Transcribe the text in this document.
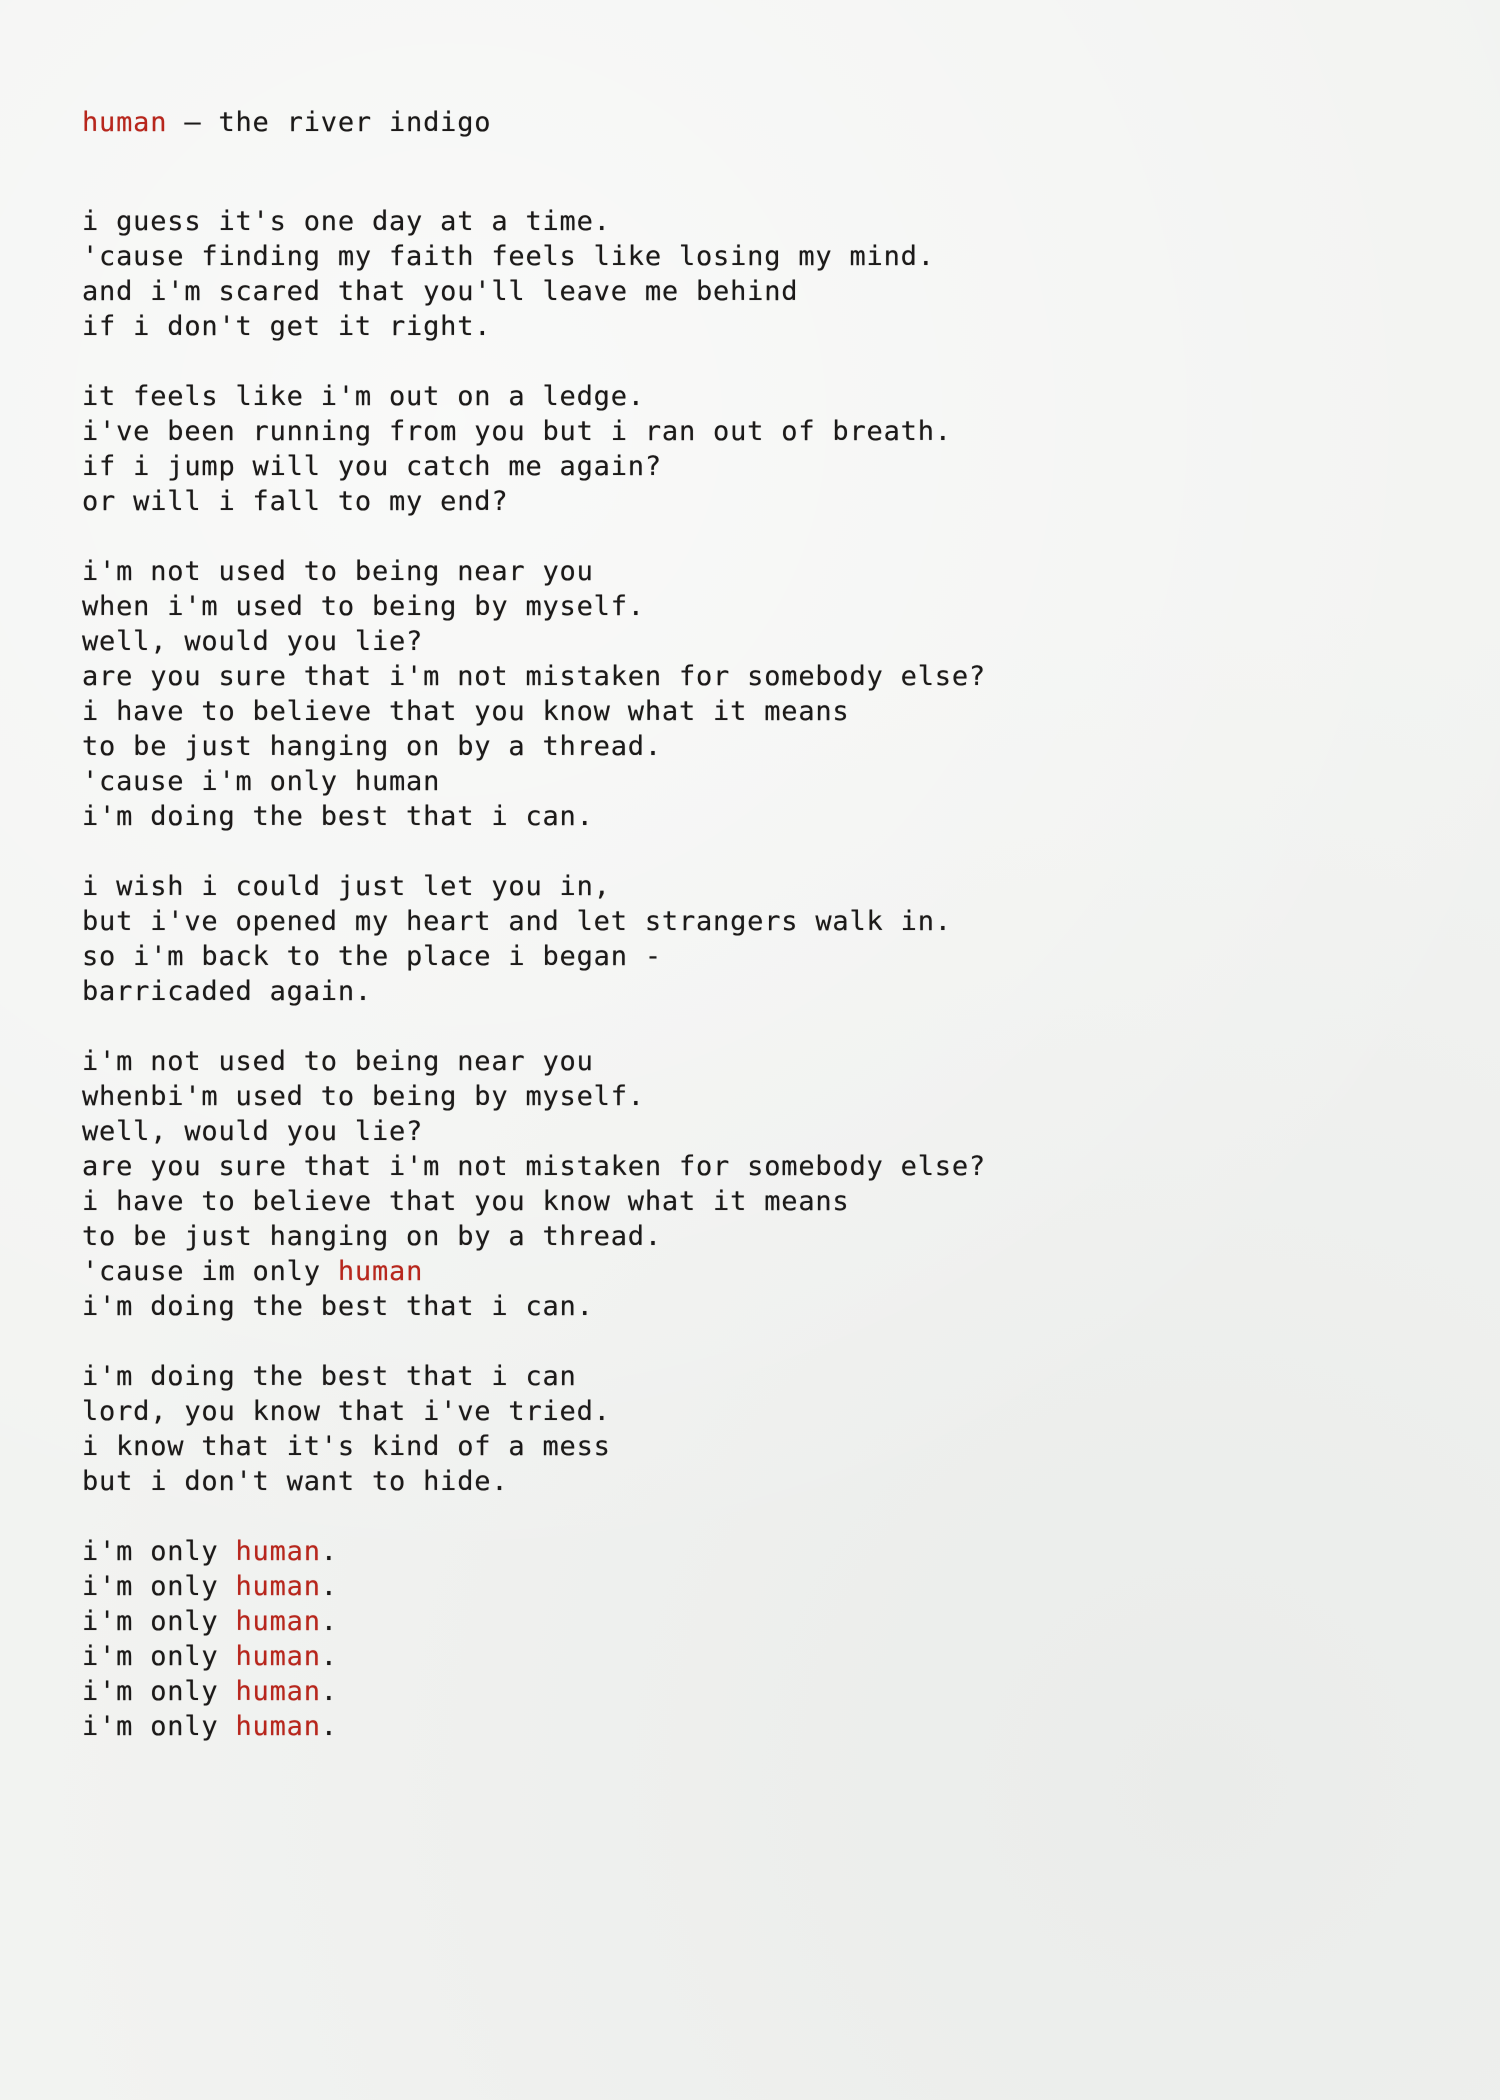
human – the river indigo

i guess it's one day at a time.
'cause finding my faith feels like losing my mind.
and i'm scared that you'll leave me behind
if i don't get it right.
it feels like i'm out on a ledge.
i've been running from you but i ran out of breath.
if i jump will you catch me again?
or will i fall to my end?
i'm not used to being near you
when i'm used to being by myself.
well, would you lie?
are you sure that i'm not mistaken for somebody else?
i have to believe that you know what it means
to be just hanging on by a thread.
'cause i'm only human
i'm doing the best that i can.
i wish i could just let you in,
but i've opened my heart and let strangers walk in.
so i'm back to the place i began -
barricaded again.
i'm not used to being near you
whenbi'm used to being by myself.
well, would you lie?
are you sure that i'm not mistaken for somebody else?
i have to believe that you know what it means
to be just hanging on by a thread.
'cause im only human
i'm doing the best that i can.
i'm doing the best that i can
lord, you know that i've tried.
i know that it's kind of a mess
but i don't want to hide.
i'm only human.
i'm only human.
i'm only human.
i'm only human.
i'm only human.
i'm only human.
